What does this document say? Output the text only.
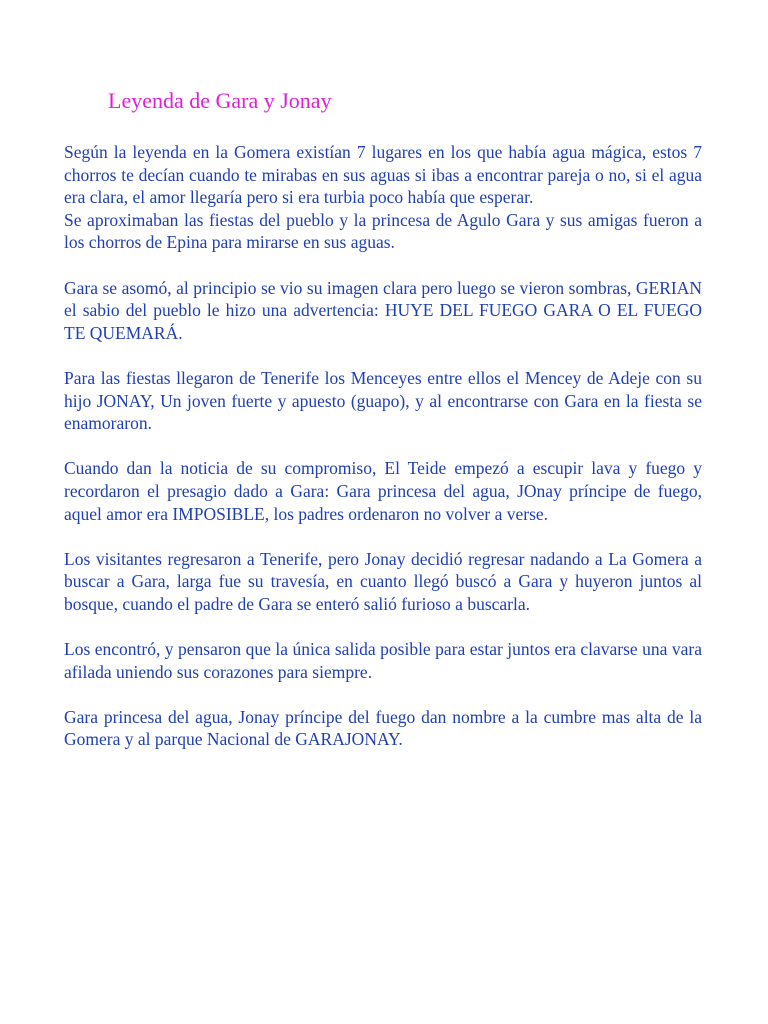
Leyenda de Gara y Jonay

Según la leyenda en la Gomera existían 7 lugares en los que había agua mágica, estos 7 chorros te decían cuando te mirabas en sus aguas si ibas a encontrar pareja o no, si el agua era clara, el amor llegaría pero si era turbia poco había que esperar.

Se aproximaban las fiestas del pueblo y la princesa de Agulo Gara y sus amigas fueron a los chorros de Epina para mirarse en sus aguas.

Gara se asomó, al principio se vio su imagen clara pero luego se vieron sombras, GERIAN el sabio del pueblo le hizo una advertencia: HUYE DEL FUEGO GARA O EL FUEGO TE QUEMARÁ.

Para las fiestas llegaron de Tenerife los Menceyes entre ellos el Mencey de Adeje con su hijo JONAY, Un joven fuerte y apuesto (guapo), y al encontrarse con Gara en la fiesta se enamoraron.

Cuando dan la noticia de su compromiso, El Teide empezó a escupir lava y fuego y recordaron el presagio dado a Gara: Gara princesa del agua, JOnay príncipe de fuego, aquel amor era IMPOSIBLE, los padres ordenaron no volver a verse.

Los visitantes regresaron a Tenerife, pero Jonay decidió regresar nadando a La Gomera a buscar a Gara, larga fue su travesía, en cuanto llegó buscó a Gara y huyeron juntos al bosque, cuando el padre de Gara se enteró salió furioso a buscarla.

Los encontró, y pensaron que la única salida posible para estar juntos era clavarse una vara afilada uniendo sus corazones para siempre.

Gara princesa del agua, Jonay príncipe del fuego dan nombre a la cumbre mas alta de la Gomera y al parque Nacional de GARAJONAY.
